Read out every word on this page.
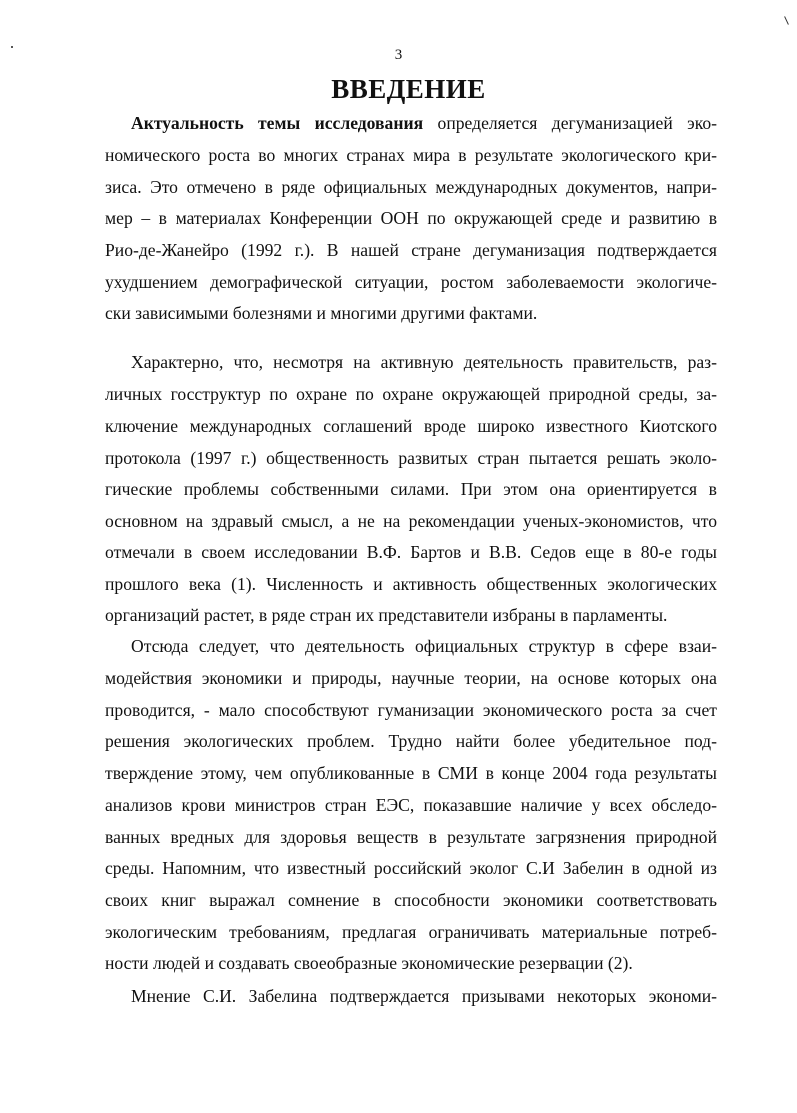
3
ВВЕДЕНИЕ
Актуальность темы исследования определяется дегуманизацией эко-
номического роста во многих странах мира в результате экологического кри-
зиса. Это отмечено в ряде официальных международных документов, напри-
мер – в материалах Конференции ООН по окружающей среде и развитию в
Рио-де-Жанейро (1992 г.). В нашей стране дегуманизация подтверждается
ухудшением демографической ситуации, ростом заболеваемости экологиче-
ски зависимыми болезнями и многими другими фактами.
Характерно, что, несмотря на активную деятельность правительств, раз-
личных госструктур по охране по охране окружающей природной среды, за-
ключение международных соглашений вроде широко известного Киотского
протокола (1997 г.) общественность развитых стран пытается решать эколо-
гические проблемы собственными силами. При этом она ориентируется в
основном на здравый смысл, а не на рекомендации ученых-экономистов, что
отмечали в своем исследовании В.Ф. Бартов и В.В. Седов еще в 80-е годы
прошлого века (1). Численность и активность общественных экологических
организаций растет, в ряде стран их представители избраны в парламенты.
Отсюда следует, что деятельность официальных структур в сфере взаи-
модействия экономики и природы, научные теории, на основе которых она
проводится, - мало способствуют гуманизации экономического роста за счет
решения экологических проблем. Трудно найти более убедительное под-
тверждение этому, чем опубликованные в СМИ в конце 2004 года результаты
анализов крови министров стран ЕЭС, показавшие наличие у всех обследо-
ванных вредных для здоровья веществ в результате загрязнения природной
среды. Напомним, что известный российский эколог С.И Забелин в одной из
своих книг выражал сомнение в способности экономики соответствовать
экологическим требованиям, предлагая ограничивать материальные потреб-
ности людей и создавать своеобразные экономические резервации (2).
Мнение С.И. Забелина подтверждается призывами некоторых экономи-
